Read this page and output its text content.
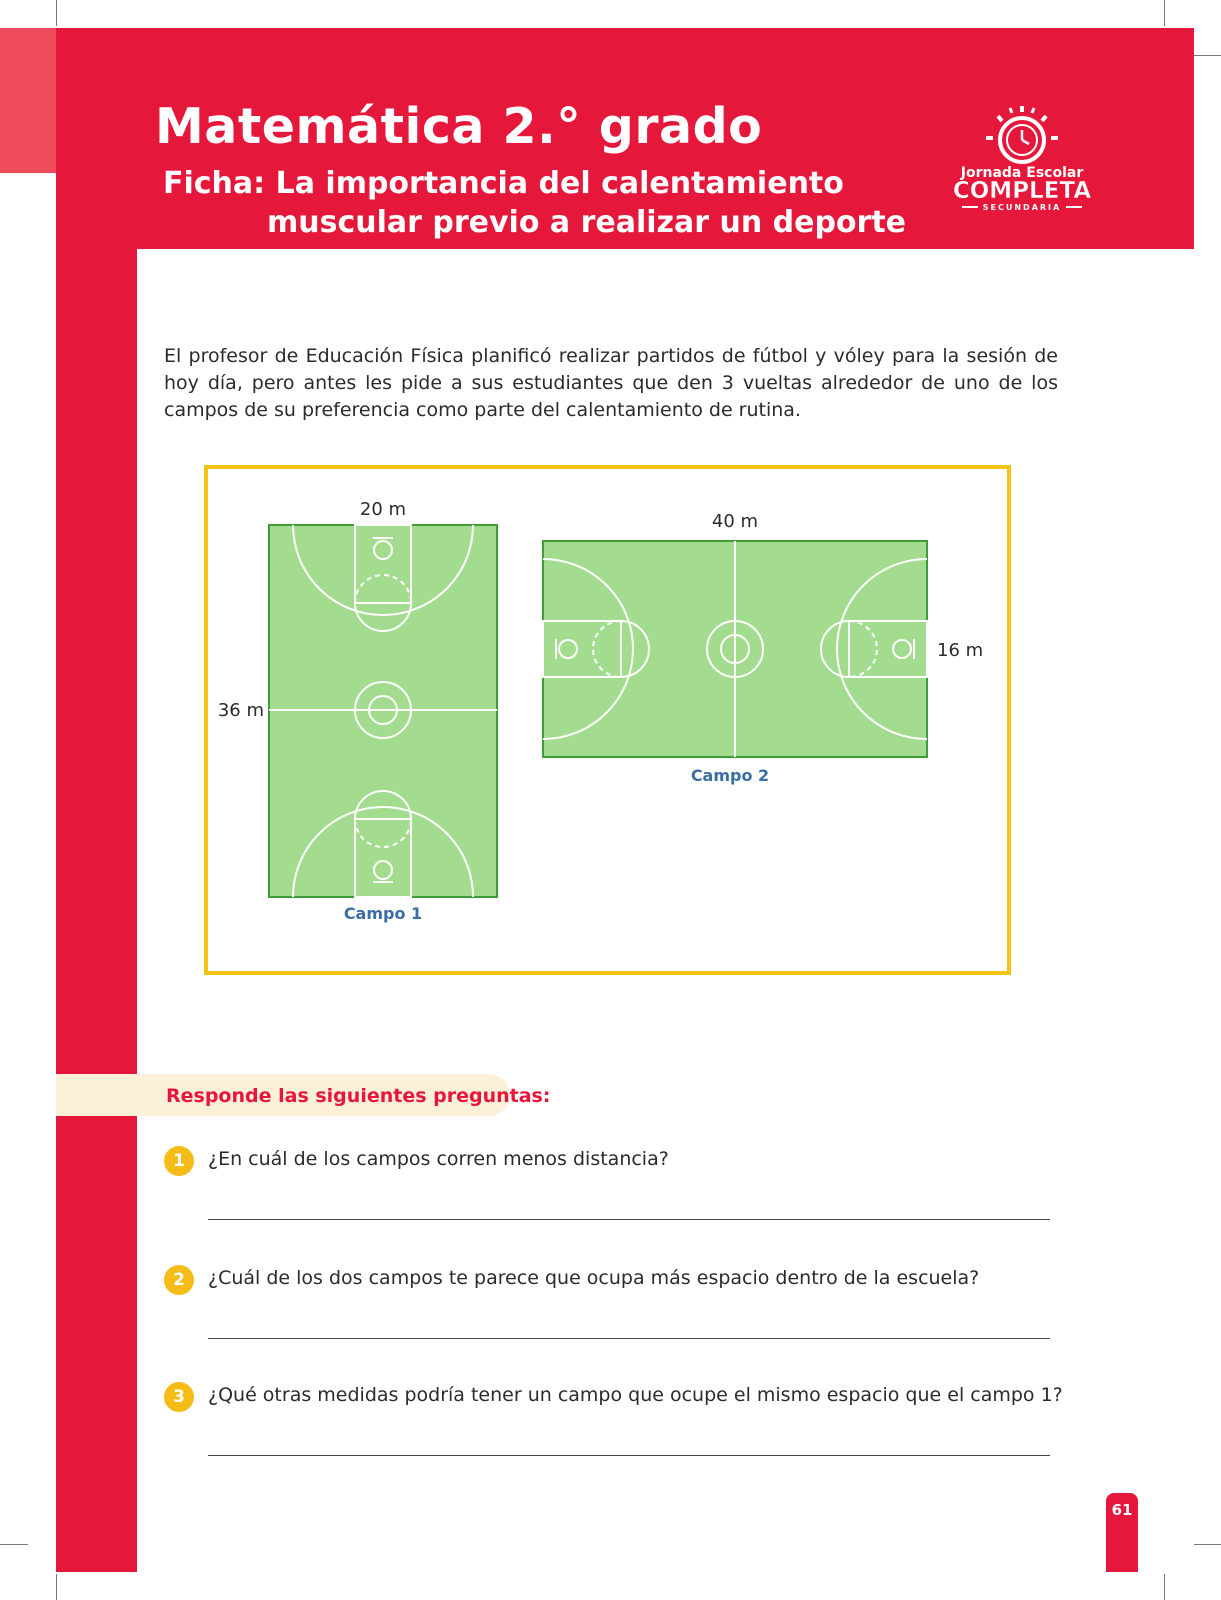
Matemática 2.° grado
Ficha: La importancia del calentamiento
muscular previo a realizar un deporte
Jornada Escolar
COMPLETA
SECUNDARIA

El profesor de Educación Física planificó realizar partidos de fútbol y vóley para la sesión de hoy día, pero antes les pide a sus estudiantes que den 3 vueltas alrededor de uno de los campos de su preferencia como parte del calentamiento de rutina.

20 m
36 m
Campo 1
40 m
16 m
Campo 2
Responde las siguientes preguntas:
1	¿En cuál de los campos corren menos distancia?
2	¿Cuál de los dos campos te parece que ocupa más espacio dentro de la escuela?
3	¿Qué otras medidas podría tener un campo que ocupe el mismo espacio que el campo 1?
61
